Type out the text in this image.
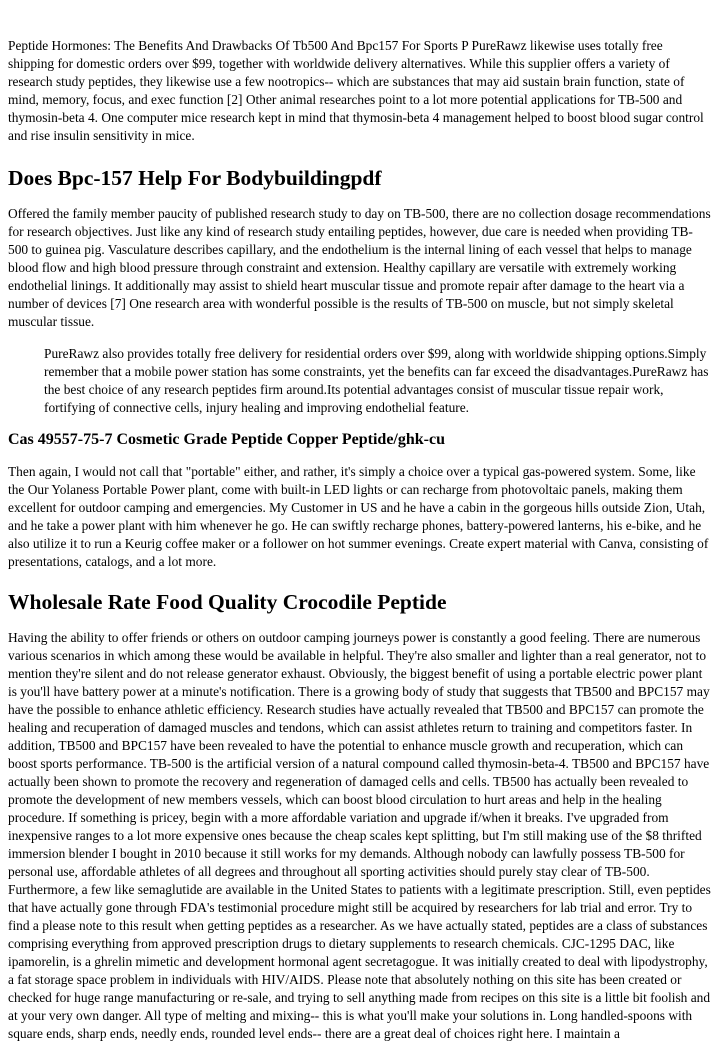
Peptide Hormones: The Benefits And Drawbacks Of Tb500 And Bpc157 For Sports P PureRawz likewise uses totally free shipping for domestic orders over $99, together with worldwide delivery alternatives. While this supplier offers a variety of research study peptides, they likewise use a few nootropics-- which are substances that may aid sustain brain function, state of mind, memory, focus, and exec function [2] Other animal researches point to a lot more potential applications for TB-500 and thymosin-beta 4. One computer mice research kept in mind that thymosin-beta 4 management helped to boost blood sugar control and rise insulin sensitivity in mice.

Does Bpc-157 Help For Bodybuildingpdf

Offered the family member paucity of published research study to day on TB-500, there are no collection dosage recommendations for research objectives. Just like any kind of research study entailing peptides, however, due care is needed when providing TB-500 to guinea pig. Vasculature describes capillary, and the endothelium is the internal lining of each vessel that helps to manage blood flow and high blood pressure through constraint and extension. Healthy capillary are versatile with extremely working endothelial linings. It additionally may assist to shield heart muscular tissue and promote repair after damage to the heart via a number of devices [7] One research area with wonderful possible is the results of TB-500 on muscle, but not simply skeletal muscular tissue.

PureRawz also provides totally free delivery for residential orders over $99, along with worldwide shipping options.Simply remember that a mobile power station has some constraints, yet the benefits can far exceed the disadvantages.PureRawz has the best choice of any research peptides firm around.Its potential advantages consist of muscular tissue repair work, fortifying of connective cells, injury healing and improving endothelial feature.

Cas 49557-75-7 Cosmetic Grade Peptide Copper Peptide/ghk-cu

Then again, I would not call that "portable" either, and rather, it's simply a choice over a typical gas-powered system. Some, like the Our Yolaness Portable Power plant, come with built-in LED lights or can recharge from photovoltaic panels, making them excellent for outdoor camping and emergencies. My Customer in US and he have a cabin in the gorgeous hills outside Zion, Utah, and he take a power plant with him whenever he go. He can swiftly recharge phones, battery-powered lanterns, his e-bike, and he also utilize it to run a Keurig coffee maker or a follower on hot summer evenings. Create expert material with Canva, consisting of presentations, catalogs, and a lot more.

Wholesale Rate Food Quality Crocodile Peptide

Having the ability to offer friends or others on outdoor camping journeys power is constantly a good feeling. There are numerous various scenarios in which among these would be available in helpful. They're also smaller and lighter than a real generator, not to mention they're silent and do not release generator exhaust. Obviously, the biggest benefit of using a portable electric power plant is you'll have battery power at a minute's notification. There is a growing body of study that suggests that TB500 and BPC157 may have the possible to enhance athletic efficiency. Research studies have actually revealed that TB500 and BPC157 can promote the healing and recuperation of damaged muscles and tendons, which can assist athletes return to training and competitors faster. In addition, TB500 and BPC157 have been revealed to have the potential to enhance muscle growth and recuperation, which can boost sports performance. TB-500 is the artificial version of a natural compound called thymosin-beta-4. TB500 and BPC157 have actually been shown to promote the recovery and regeneration of damaged cells and cells. TB500 has actually been revealed to promote the development of new members vessels, which can boost blood circulation to hurt areas and help in the healing procedure. If something is pricey, begin with a more affordable variation and upgrade if/when it breaks. I've upgraded from inexpensive ranges to a lot more expensive ones because the cheap scales kept splitting, but I'm still making use of the $8 thrifted immersion blender I bought in 2010 because it still works for my demands. Although nobody can lawfully possess TB-500 for personal use, affordable athletes of all degrees and throughout all sporting activities should purely stay clear of TB-500. Furthermore, a few like semaglutide are available in the United States to patients with a legitimate prescription. Still, even peptides that have actually gone through FDA's testimonial procedure might still be acquired by researchers for lab trial and error. Try to find a please note to this result when getting peptides as a researcher. As we have actually stated, peptides are a class of substances comprising everything from approved prescription drugs to dietary supplements to research chemicals. CJC-1295 DAC, like ipamorelin, is a ghrelin mimetic and development hormonal agent secretagogue. It was initially created to deal with lipodystrophy, a fat storage space problem in individuals with HIV/AIDS. Please note that absolutely nothing on this site has been created or checked for huge range manufacturing or re-sale, and trying to sell anything made from recipes on this site is a little bit foolish and at your very own danger. All type of melting and mixing-- this is what you'll make your solutions in. Long handled-spoons with square ends, sharp ends, needly ends, rounded level ends-- there are a great deal of choices right here. I maintain a
